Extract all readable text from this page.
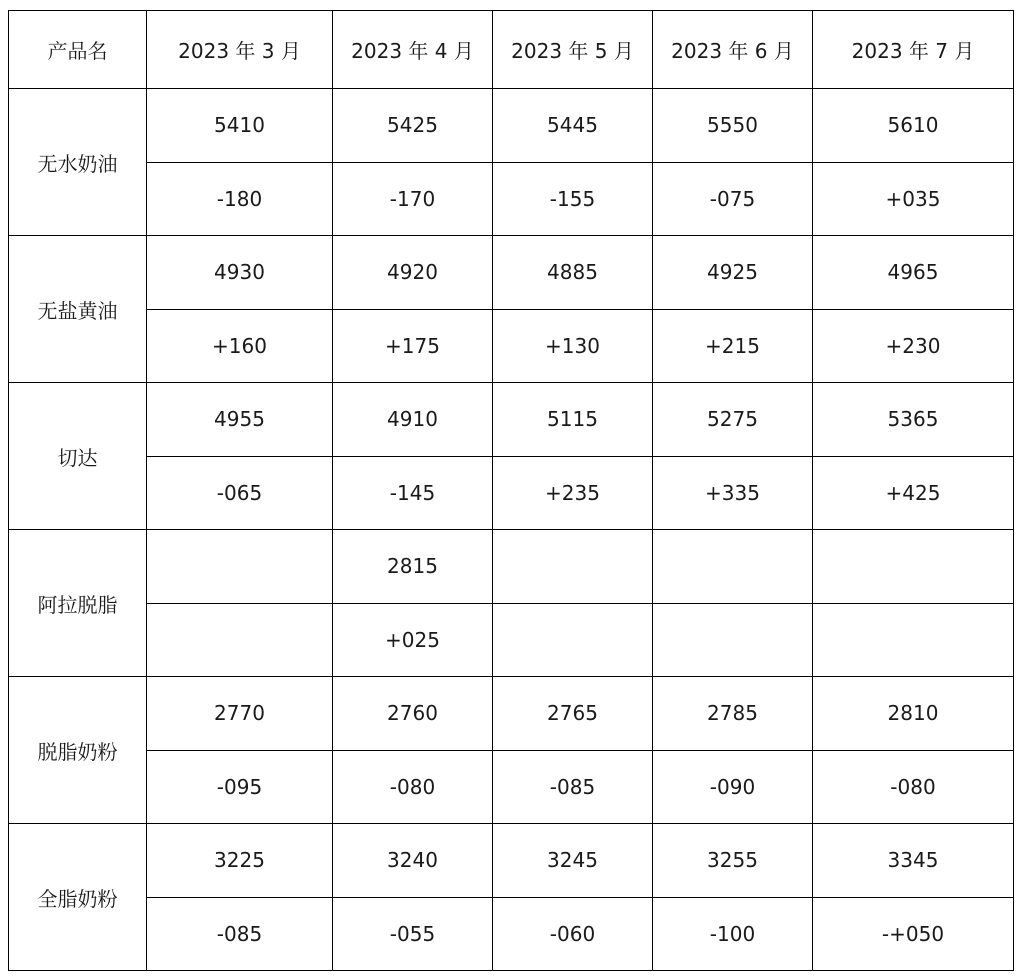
产品名	2023 年 3 月	2023 年 4 月	2023 年 5 月	2023 年 6 月	2023 年 7 月
无水奶油	5410	5425	5445	5550	5610
	-180	-170	-155	-075	+035
无盐黄油	4930	4920	4885	4925	4965
	+160	+175	+130	+215	+230
切达	4955	4910	5115	5275	5365
	-065	-145	+235	+335	+425
阿拉脱脂		2815			
		+025			
脱脂奶粉	2770	2760	2765	2785	2810
	-095	-080	-085	-090	-080
全脂奶粉	3225	3240	3245	3255	3345
	-085	-055	-060	-100	-+050
